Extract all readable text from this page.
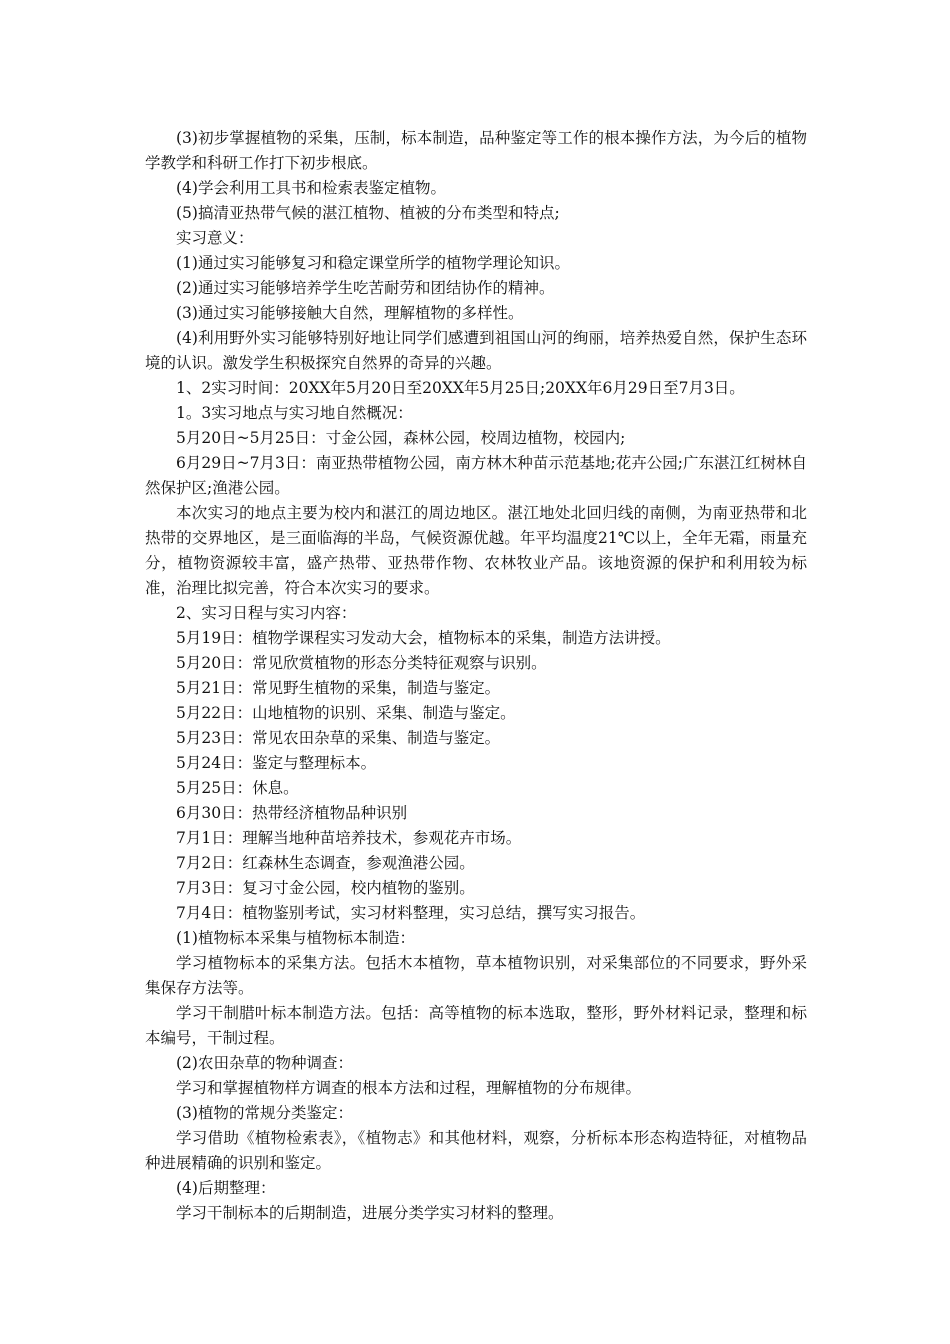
(3)初步掌握植物的采集，压制，标本制造，品种鉴定等工作的根本操作方法，为今后的植物学教学和科研工作打下初步根底。

(4)学会利用工具书和检索表鉴定植物。

(5)搞清亚热带气候的湛江植物、植被的分布类型和特点;

实习意义：

(1)通过实习能够复习和稳定课堂所学的植物学理论知识。

(2)通过实习能够培养学生吃苦耐劳和团结协作的精神。

(3)通过实习能够接触大自然，理解植物的多样性。

(4)利用野外实习能够特别好地让同学们感遭到祖国山河的绚丽，培养热爱自然，保护生态环境的认识。激发学生积极探究自然界的奇异的兴趣。

1、2实习时间：20XX年5月20日至20XX年5月25日;20XX年6月29日至7月3日。

1。3实习地点与实习地自然概况：

5月20日~5月25日：寸金公园，森林公园，校周边植物，校园内;

6月29日~7月3日：南亚热带植物公园，南方林木种苗示范基地;花卉公园;广东湛江红树林自然保护区;渔港公园。

本次实习的地点主要为校内和湛江的周边地区。湛江地处北回归线的南侧，为南亚热带和北热带的交界地区，是三面临海的半岛，气候资源优越。年平均温度21℃以上，全年无霜，雨量充分，植物资源较丰富，盛产热带、亚热带作物、农林牧业产品。该地资源的保护和利用较为标准，治理比拟完善，符合本次实习的要求。

2、实习日程与实习内容：

5月19日：植物学课程实习发动大会，植物标本的采集，制造方法讲授。

5月20日：常见欣赏植物的形态分类特征观察与识别。

5月21日：常见野生植物的采集，制造与鉴定。

5月22日：山地植物的识别、采集、制造与鉴定。

5月23日：常见农田杂草的采集、制造与鉴定。

5月24日：鉴定与整理标本。

5月25日：休息。

6月30日：热带经济植物品种识别

7月1日：理解当地种苗培养技术，参观花卉市场。

7月2日：红森林生态调查，参观渔港公园。

7月3日：复习寸金公园，校内植物的鉴别。

7月4日：植物鉴别考试，实习材料整理，实习总结，撰写实习报告。

(1)植物标本采集与植物标本制造：

学习植物标本的采集方法。包括木本植物，草本植物识别，对采集部位的不同要求，野外采集保存方法等。

学习干制腊叶标本制造方法。包括：高等植物的标本选取，整形，野外材料记录，整理和标本编号，干制过程。

(2)农田杂草的物种调查：

学习和掌握植物样方调查的根本方法和过程，理解植物的分布规律。

(3)植物的常规分类鉴定：

学习借助《植物检索表》，《植物志》和其他材料，观察，分析标本形态构造特征，对植物品种进展精确的识别和鉴定。

(4)后期整理：

学习干制标本的后期制造，进展分类学实习材料的整理。
